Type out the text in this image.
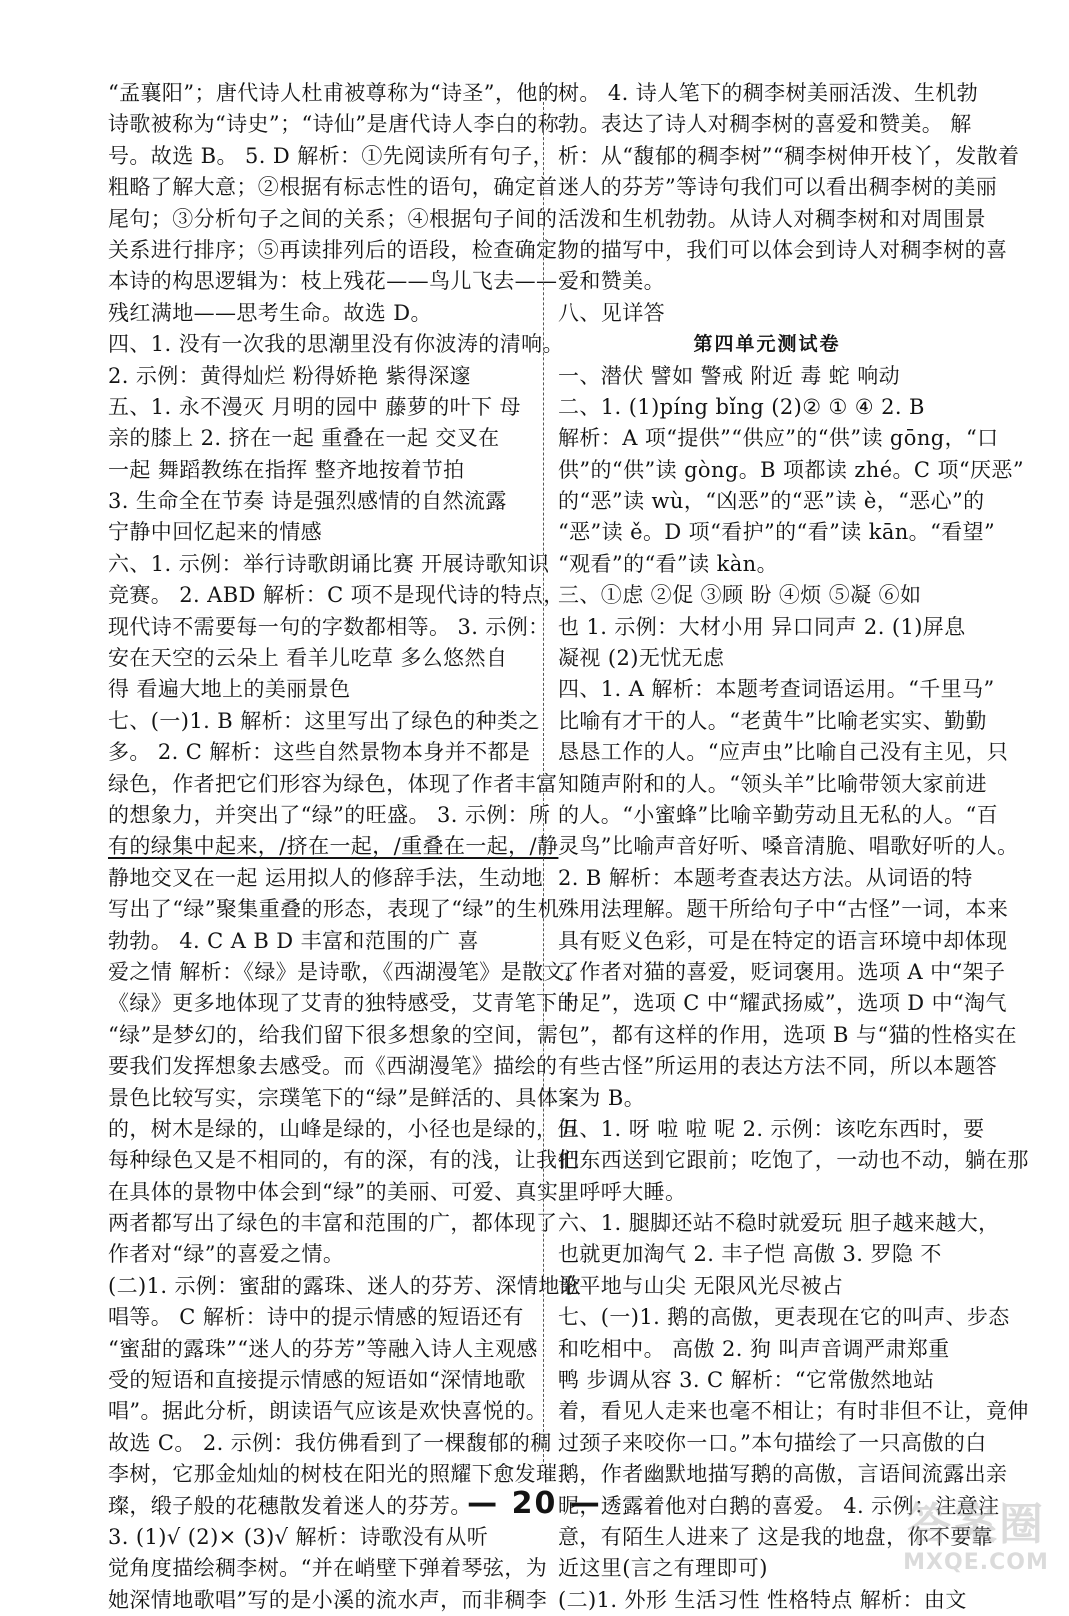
“孟襄阳”；唐代诗人杜甫被尊称为“诗圣”，他的
诗歌被称为“诗史”；“诗仙”是唐代诗人李白的称
号。故选 B。 5. D 解析：①先阅读所有句子，
粗略了解大意；②根据有标志性的语句，确定首
尾句；③分析句子之间的关系；④根据句子间的
关系进行排序；⑤再读排列后的语段，检查确定。
本诗的构思逻辑为：枝上残花——鸟儿飞去——
残红满地——思考生命。故选 D。
四、1. 没有一次我的思潮里没有你波涛的清响。
2. 示例：黄得灿烂 粉得娇艳 紫得深邃
五、1. 永不漫灭 月明的园中 藤萝的叶下 母
亲的膝上 2. 挤在一起 重叠在一起 交叉在
一起 舞蹈教练在指挥 整齐地按着节拍
3. 生命全在节奏 诗是强烈感情的自然流露
宁静中回忆起来的情感
六、1. 示例：举行诗歌朗诵比赛 开展诗歌知识
竞赛。 2. ABD 解析：C 项不是现代诗的特点，
现代诗不需要每一句的字数都相等。 3. 示例：
安在天空的云朵上 看羊儿吃草 多么悠然自
得 看遍大地上的美丽景色
七、(一)1. B 解析：这里写出了绿色的种类之
多。 2. C 解析：这些自然景物本身并不都是
绿色，作者把它们形容为绿色，体现了作者丰富
的想象力，并突出了“绿”的旺盛。 3. 示例：所
有的绿集中起来，/挤在一起，/重叠在一起，/静
静地交叉在一起 运用拟人的修辞手法，生动地
写出了“绿”聚集重叠的形态，表现了“绿”的生机
勃勃。 4. C A B D 丰富和范围的广 喜
爱之情 解析：《绿》是诗歌，《西湖漫笔》是散文。
《绿》更多地体现了艾青的独特感受，艾青笔下的
“绿”是梦幻的，给我们留下很多想象的空间，需
要我们发挥想象去感受。而《西湖漫笔》描绘的
景色比较写实，宗璞笔下的“绿”是鲜活的、具体
的，树木是绿的，山峰是绿的，小径也是绿的，但
每种绿色又是不相同的，有的深，有的浅，让我们
在具体的景物中体会到“绿”的美丽、可爱、真实。
两者都写出了绿色的丰富和范围的广，都体现了
作者对“绿”的喜爱之情。
(二)1. 示例：蜜甜的露珠、迷人的芬芳、深情地歌
唱等。 C 解析：诗中的提示情感的短语还有
“蜜甜的露珠”“迷人的芬芳”等融入诗人主观感
受的短语和直接提示情感的短语如“深情地歌
唱”。据此分析，朗读语气应该是欢快喜悦的。
故选 C。 2. 示例：我仿佛看到了一棵馥郁的稠
李树，它那金灿灿的树枝在阳光的照耀下愈发璀
璨，缎子般的花穗散发着迷人的芬芳。
3. (1)√ (2)× (3)√ 解析：诗歌没有从听
觉角度描绘稠李树。“并在峭壁下弹着琴弦，为
她深情地歌唱”写的是小溪的流水声，而非稠李
树。 4. 诗人笔下的稠李树美丽活泼、生机勃
勃。表达了诗人对稠李树的喜爱和赞美。 解
析：从“馥郁的稠李树”“稠李树伸开枝丫，发散着
迷人的芬芳”等诗句我们可以看出稠李树的美丽
活泼和生机勃勃。从诗人对稠李树和对周围景
物的描写中，我们可以体会到诗人对稠李树的喜
爱和赞美。
八、见详答
第四单元测试卷
一、潜伏 譬如 警戒 附近 毒 蛇 响动
二、1. (1)píng bǐng (2)② ① ④ 2. B
解析：A 项“提供”“供应”的“供”读 gōng，“口
供”的“供”读 gòng。B 项都读 zhé。C 项“厌恶”
的“恶”读 wù，“凶恶”的“恶”读 è，“恶心”的
“恶”读 ě。D 项“看护”的“看”读 kān。“看望”
“观看”的“看”读 kàn。
三、①虑 ②促 ③顾 盼 ④烦 ⑤凝 ⑥如
也 1. 示例：大材小用 异口同声 2. (1)屏息
凝视 (2)无忧无虑
四、1. A 解析：本题考查词语运用。“千里马”
比喻有才干的人。“老黄牛”比喻老实实、勤勤
恳恳工作的人。“应声虫”比喻自己没有主见，只
知随声附和的人。“领头羊”比喻带领大家前进
的人。“小蜜蜂”比喻辛勤劳动且无私的人。“百
灵鸟”比喻声音好听、嗓音清脆、唱歌好听的人。
2. B 解析：本题考查表达方法。从词语的特
殊用法理解。题干所给句子中“古怪”一词，本来
具有贬义色彩，可是在特定的语言环境中却体现
了作者对猫的喜爱，贬词褒用。选项 A 中“架子
十足”，选项 C 中“耀武扬威”，选项 D 中“淘气
包”，都有这样的作用，选项 B 与“猫的性格实在
有些古怪”所运用的表达方法不同，所以本题答
案为 B。
五、1. 呀 啦 啦 呢 2. 示例：该吃东西时，要
把东西送到它跟前；吃饱了，一动也不动，躺在那
里呼呼大睡。
六、1. 腿脚还站不稳时就爱玩 胆子越来越大，
也就更加淘气 2. 丰子恺 高傲 3. 罗隐 不
论平地与山尖 无限风光尽被占
七、(一)1. 鹅的高傲，更表现在它的叫声、步态
和吃相中。 高傲 2. 狗 叫声音调严肃郑重
鸭 步调从容 3. C 解析：“它常傲然地站
着，看见人走来也毫不相让；有时非但不让，竟伸
过颈子来咬你一口。”本句描绘了一只高傲的白
鹅，作者幽默地描写鹅的高傲，言语间流露出亲
昵，透露着他对白鹅的喜爱。 4. 示例：注意注
意，有陌生人进来了 这是我的地盘，你不要靠
近这里(言之有理即可)
(二)1. 外形 生活习性 性格特点 解析：由文
— 20 —	答案圈
MXQE.COM
